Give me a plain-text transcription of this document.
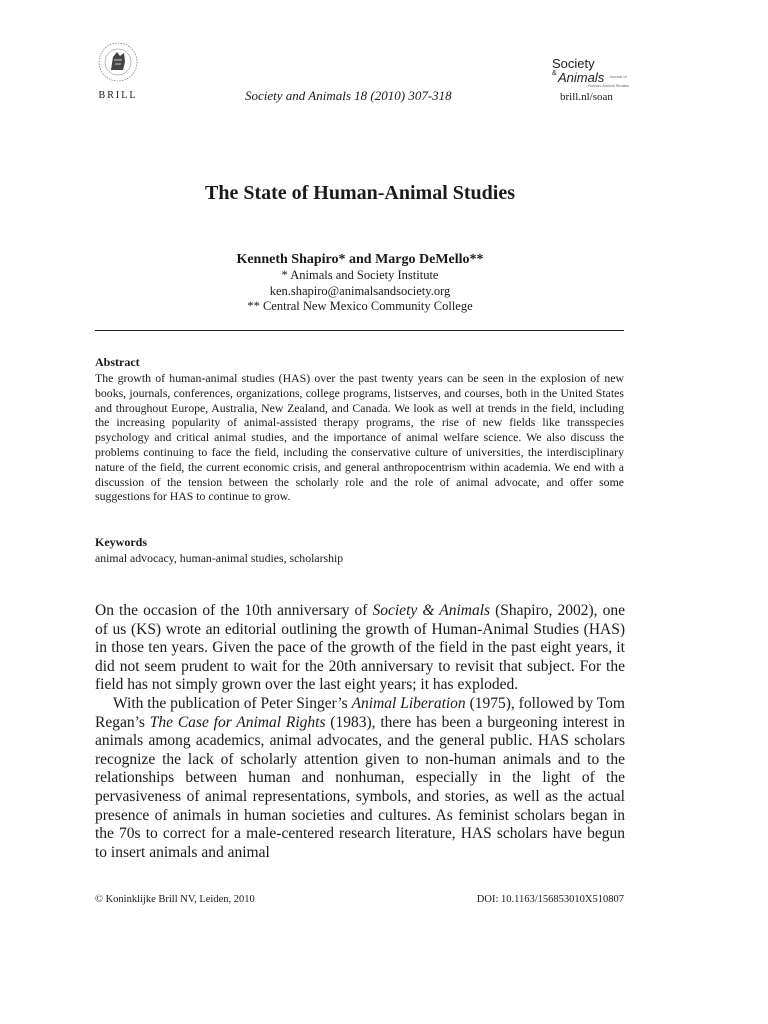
BRILL	Society and Animals 18 (2010) 307-318
Society
& Animals Journal of
Human-Animal Studies
brill.nl/soan
The State of Human-Animal Studies
Kenneth Shapiro* and Margo DeMello**
* Animals and Society Institute
ken.shapiro@animalsandsociety.org
** Central New Mexico Community College
Abstract

The growth of human-animal studies (HAS) over the past twenty years can be seen in the explosion of new books, journals, conferences, organizations, college programs, listserves, and courses, both in the United States and throughout Europe, Australia, New Zealand, and Canada. We look as well at trends in the field, including the increasing popularity of animal-assisted therapy programs, the rise of new fields like transspecies psychology and critical animal studies, and the importance of animal welfare science. We also discuss the problems continuing to face the field, including the conservative culture of universities, the interdisciplinary nature of the field, the current economic crisis, and general anthropocentrism within academia. We end with a discussion of the tension between the scholarly role and the role of animal advocate, and offer some suggestions for HAS to continue to grow.

Keywords
animal advocacy, human-animal studies, scholarship

On the occasion of the 10th anniversary of Society & Animals (Shapiro, 2002), one of us (KS) wrote an editorial outlining the growth of Human-Animal Studies (HAS) in those ten years. Given the pace of the growth of the field in the past eight years, it did not seem prudent to wait for the 20th anniversary to revisit that subject. For the field has not simply grown over the last eight years; it has exploded.
With the publication of Peter Singer’s Animal Liberation (1975), followed by Tom Regan’s The Case for Animal Rights (1983), there has been a burgeoning interest in animals among academics, animal advocates, and the general public. HAS scholars recognize the lack of scholarly attention given to non-human animals and to the relationships between human and nonhuman, especially in the light of the pervasiveness of animal representations, symbols, and stories, as well as the actual presence of animals in human societies and cultures. As feminist scholars began in the 70s to correct for a male-centered research literature, HAS scholars have begun to insert animals and animal

© Koninklijke Brill NV, Leiden, 2010	DOI: 10.1163/156853010X510807
